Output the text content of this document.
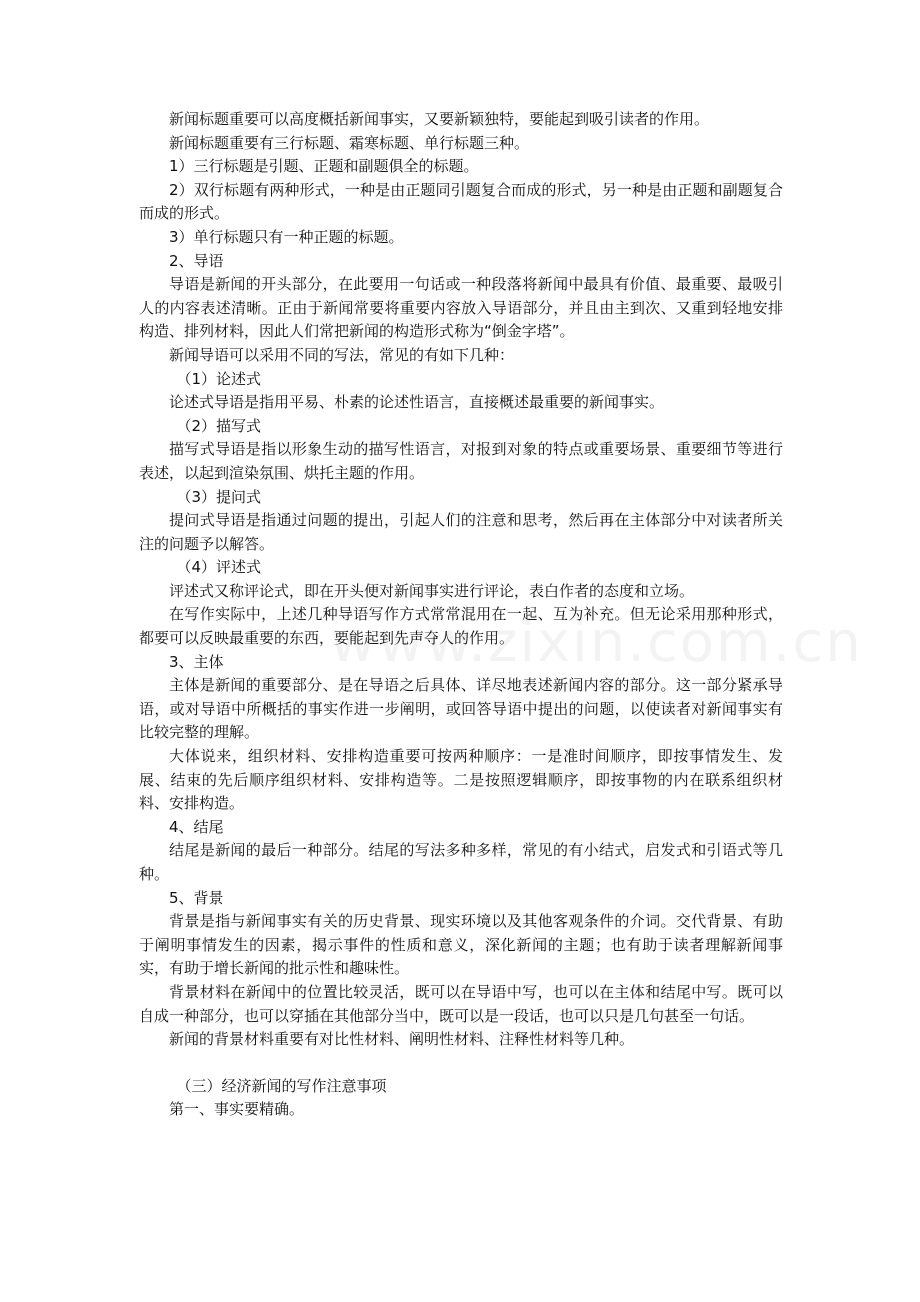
新闻标题重要可以高度概括新闻事实，又要新颖独特，要能起到吸引读者的作用。

新闻标题重要有三行标题、霜寒标题、单行标题三种。

1）三行标题是引题、正题和副题俱全的标题。

2）双行标题有两种形式，一种是由正题同引题复合而成的形式，另一种是由正题和副题复合而成的形式。

3）单行标题只有一种正题的标题。

2、导语

导语是新闻的开头部分，在此要用一句话或一种段落将新闻中最具有价值、最重要、最吸引人的内容表述清晰。正由于新闻常要将重要内容放入导语部分，并且由主到次、又重到轻地安排构造、排列材料，因此人们常把新闻的构造形式称为“倒金字塔”。

新闻导语可以采用不同的写法，常见的有如下几种：

（1）论述式

论述式导语是指用平易、朴素的论述性语言，直接概述最重要的新闻事实。

（2）描写式

描写式导语是指以形象生动的描写性语言，对报到对象的特点或重要场景、重要细节等进行表述，以起到渲染氛围、烘托主题的作用。

（3）提问式

提问式导语是指通过问题的提出，引起人们的注意和思考，然后再在主体部分中对读者所关注的问题予以解答。

（4）评述式

评述式又称评论式，即在开头便对新闻事实进行评论，表白作者的态度和立场。

在写作实际中，上述几种导语写作方式常常混用在一起、互为补充。但无论采用那种形式，都要可以反映最重要的东西，要能起到先声夺人的作用。

3、主体

主体是新闻的重要部分、是在导语之后具体、详尽地表述新闻内容的部分。这一部分紧承导语，或对导语中所概括的事实作进一步阐明，或回答导语中提出的问题，以使读者对新闻事实有比较完整的理解。

大体说来，组织材料、安排构造重要可按两种顺序：一是准时间顺序，即按事情发生、发展、结束的先后顺序组织材料、安排构造等。二是按照逻辑顺序，即按事物的内在联系组织材料、安排构造。

4、结尾

结尾是新闻的最后一种部分。结尾的写法多种多样，常见的有小结式，启发式和引语式等几种。

5、背景

背景是指与新闻事实有关的历史背景、现实环境以及其他客观条件的介词。交代背景、有助于阐明事情发生的因素，揭示事件的性质和意义，深化新闻的主题；也有助于读者理解新闻事实，有助于增长新闻的批示性和趣味性。

背景材料在新闻中的位置比较灵活，既可以在导语中写，也可以在主体和结尾中写。既可以自成一种部分，也可以穿插在其他部分当中，既可以是一段话，也可以只是几句甚至一句话。

新闻的背景材料重要有对比性材料、阐明性材料、注释性材料等几种。

（三）经济新闻的写作注意事项

第一、事实要精确。
